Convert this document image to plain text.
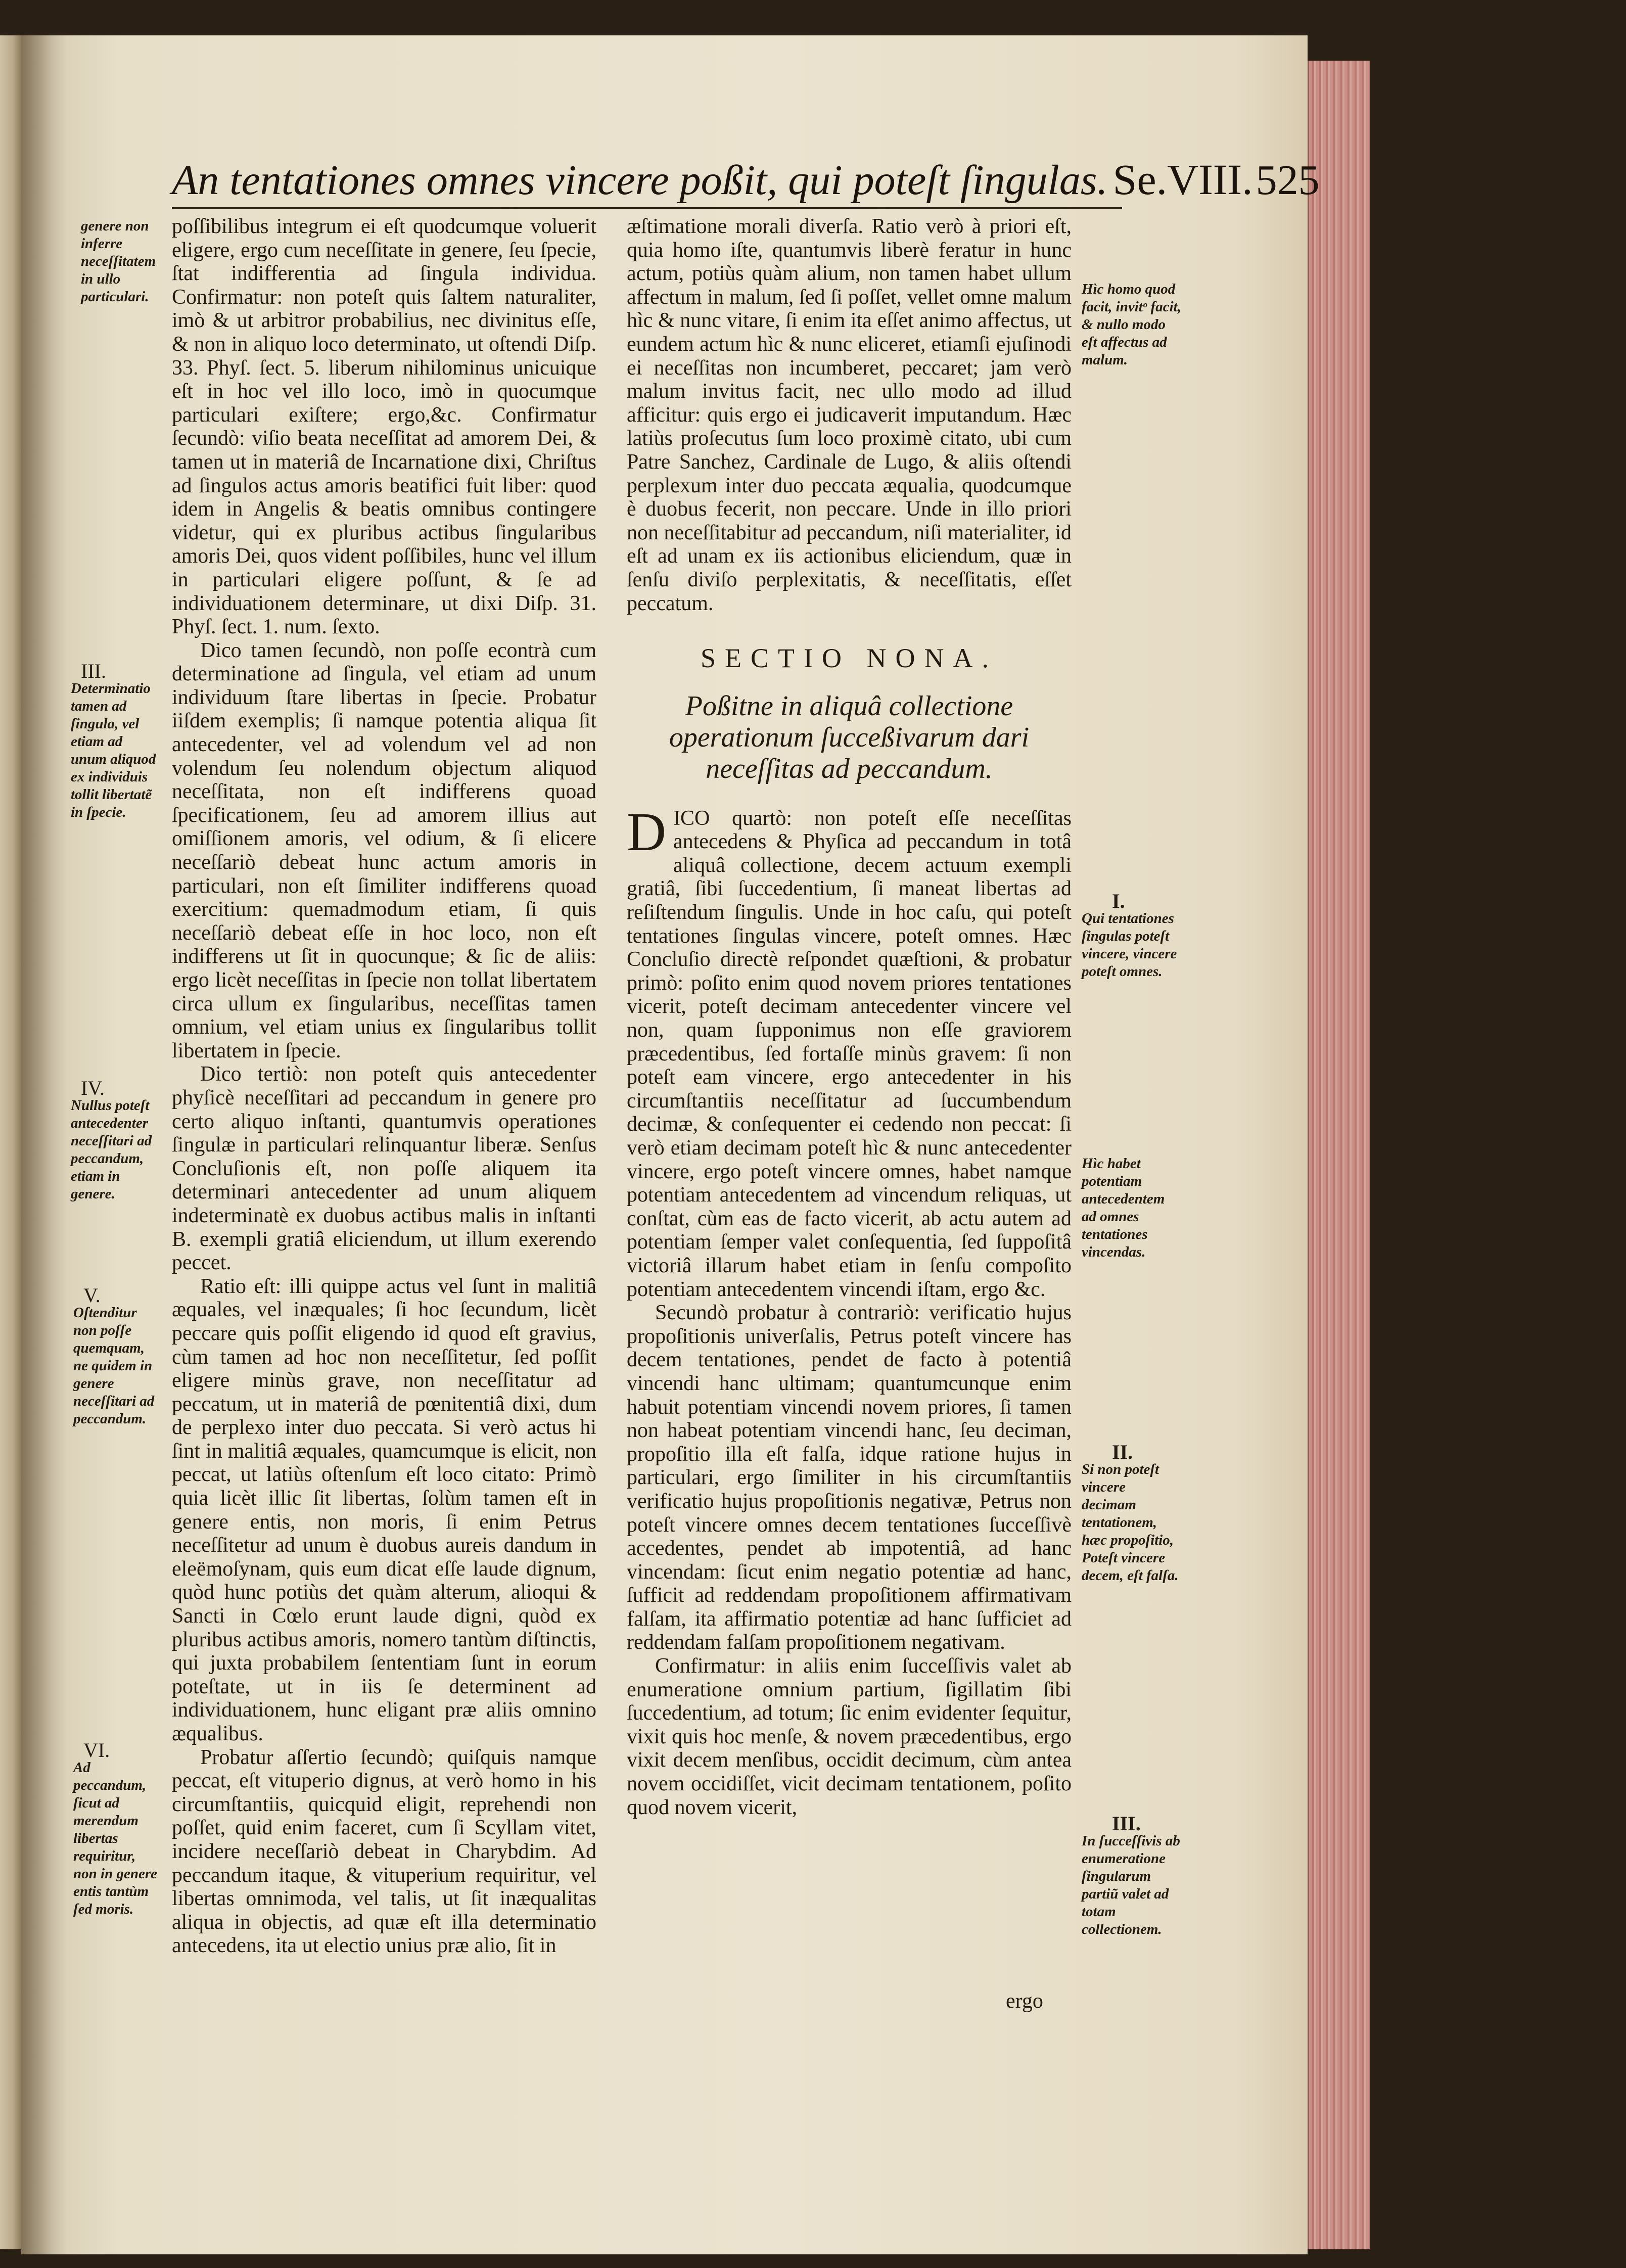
An tentationes omnes vincere poßit, qui poteſt ſingulas. Se.VIII.525

poſſibilibus integrum ei eſt quodcumque voluerit eligere, ergo cum neceſſitate in genere, ſeu ſpecie, ſtat indifferentia ad ſingula individua. Confirmatur: non poteſt quis ſaltem naturaliter, imò & ut arbitror probabilius, nec divinitus eſſe, & non in aliquo loco determinato, ut oſtendi Diſp. 33. Phyſ. ſect. 5. liberum nihilominus unicuique eſt in hoc vel illo loco, imò in quocumque particulari exiſtere; ergo,&c. Confirmatur ſecundò: viſio beata neceſſitat ad amorem Dei, & tamen ut in materiâ de Incarnatione dixi, Chriſtus ad ſingulos actus amoris beatifici fuit liber: quod idem in Angelis & beatis omnibus contingere videtur, qui ex pluribus actibus ſingularibus amoris Dei, quos vident poſſibiles, hunc vel illum in particulari eligere poſſunt, & ſe ad individuationem determinare, ut dixi Diſp. 31. Phyſ. ſect. 1. num. ſexto.

Dico tamen ſecundò, non poſſe econtrà cum determinatione ad ſingula, vel etiam ad unum individuum ſtare libertas in ſpecie. Probatur iiſdem exemplis; ſi namque potentia aliqua ſit antecedenter, vel ad volendum vel ad non volendum ſeu nolendum objectum aliquod neceſſitata, non eſt indifferens quoad ſpecificationem, ſeu ad amorem illius aut omiſſionem amoris, vel odium, & ſi elicere neceſſariò debeat hunc actum amoris in particulari, non eſt ſimiliter indifferens quoad exercitium: quemadmodum etiam, ſi quis neceſſariò debeat eſſe in hoc loco, non eſt indifferens ut ſit in quocunque; & ſic de aliis: ergo licèt neceſſitas in ſpecie non tollat libertatem circa ullum ex ſingularibus, neceſſitas tamen omnium, vel etiam unius ex ſingularibus tollit libertatem in ſpecie.

Dico tertiò: non poteſt quis antecedenter phyſicè neceſſitari ad peccandum in genere pro certo aliquo inſtanti, quantumvis operationes ſingulæ in particulari relinquantur liberæ. Senſus Concluſionis eſt, non poſſe aliquem ita determinari antecedenter ad unum aliquem indeterminatè ex duobus actibus malis in inſtanti B. exempli gratiâ eliciendum, ut illum exerendo peccet.

Ratio eſt: illi quippe actus vel ſunt in malitiâ æquales, vel inæquales; ſi hoc ſecundum, licèt peccare quis poſſit eligendo id quod eſt gravius, cùm tamen ad hoc non neceſſitetur, ſed poſſit eligere minùs grave, non neceſſitatur ad peccatum, ut in materiâ de pœnitentiâ dixi, dum de perplexo inter duo peccata. Si verò actus hi ſint in malitiâ æquales, quamcumque is elicit, non peccat, ut latiùs oſtenſum eſt loco citato: Primò quia licèt illic ſit libertas, ſolùm tamen eſt in genere entis, non moris, ſi enim Petrus neceſſitetur ad unum è duobus aureis dandum in eleëmoſynam, quis eum dicat eſſe laude dignum, quòd hunc potiùs det quàm alterum, alioqui & Sancti in Cœlo erunt laude digni, quòd ex pluribus actibus amoris, nomero tantùm diſtinctis, qui juxta probabilem ſententiam ſunt in eorum poteſtate, ut in iis ſe determinent ad individuationem, hunc eligant præ aliis omnino æqualibus.

Probatur aſſertio ſecundò; quiſquis namque peccat, eſt vituperio dignus, at verò homo in his circumſtantiis, quicquid eligit, reprehendi non poſſet, quid enim faceret, cum ſi Scyllam vitet, incidere neceſſariò debeat in Charybdim. Ad peccandum itaque, & vituperium requiritur, vel libertas omnimoda, vel talis, ut ſit inæqualitas aliqua in objectis, ad quæ eſt illa determinatio antecedens, ita ut electio unius præ alio, ſit in

æſtimatione morali diverſa. Ratio verò à priori eſt, quia homo iſte, quantumvis liberè feratur in hunc actum, potiùs quàm alium, non tamen habet ullum affectum in malum, ſed ſi poſſet, vellet omne malum hìc & nunc vitare, ſi enim ita eſſet animo affectus, ut eundem actum hìc & nunc eliceret, etiamſi ejuſinodi ei neceſſitas non incumberet, peccaret; jam verò malum invitus facit, nec ullo modo ad illud afficitur: quis ergo ei judicaverit imputandum. Hæc latiùs proſecutus ſum loco proximè citato, ubi cum Patre Sanchez, Cardinale de Lugo, & aliis oſtendi perplexum inter duo peccata æqualia, quodcumque è duobus fecerit, non peccare. Unde in illo priori non neceſſitabitur ad peccandum, niſi materialiter, id eſt ad unam ex iis actionibus eliciendum, quæ in ſenſu diviſo perplexitatis, & neceſſitatis, eſſet peccatum.

SECTIO NONA.
Poßitne in aliquâ collectione operationum ſucceßivarum dari neceſſitas ad peccandum.

DICO quartò: non poteſt eſſe neceſſitas antecedens & Phyſica ad peccandum in totâ aliquâ collectione, decem actuum exempli gratiâ, ſibi ſuccedentium, ſi maneat libertas ad reſiſtendum ſingulis. Unde in hoc caſu, qui poteſt tentationes ſingulas vincere, poteſt omnes. Hæc Concluſio directè reſpondet quæſtioni, & probatur primò: poſito enim quod novem priores tentationes vicerit, poteſt decimam antecedenter vincere vel non, quam ſupponimus non eſſe graviorem præcedentibus, ſed fortaſſe minùs gravem: ſi non poteſt eam vincere, ergo antecedenter in his circumſtantiis neceſſitatur ad ſuccumbendum decimæ, & conſequenter ei cedendo non peccat: ſi verò etiam decimam poteſt hìc & nunc antecedenter vincere, ergo poteſt vincere omnes, habet namque potentiam antecedentem ad vincendum reliquas, ut conſtat, cùm eas de facto vicerit, ab actu autem ad potentiam ſemper valet conſequentia, ſed ſuppoſitâ victoriâ illarum habet etiam in ſenſu compoſito potentiam antecedentem vincendi iſtam, ergo &c.

Secundò probatur à contrariò: verificatio hujus propoſitionis univerſalis, Petrus poteſt vincere has decem tentationes, pendet de facto à potentiâ vincendi hanc ultimam; quantumcunque enim habuit potentiam vincendi novem priores, ſi tamen non habeat potentiam vincendi hanc, ſeu deciman, propoſitio illa eſt falſa, idque ratione hujus in particulari, ergo ſimiliter in his circumſtantiis verificatio hujus propoſitionis negativæ, Petrus non poteſt vincere omnes decem tentationes ſucceſſivè accedentes, pendet ab impotentiâ, ad hanc vincendam: ſicut enim negatio potentiæ ad hanc, ſufficit ad reddendam propoſitionem affirmativam falſam, ita affirmatio potentiæ ad hanc ſufficiet ad reddendam falſam propoſitionem negativam.

Confirmatur: in aliis enim ſucceſſivis valet ab enumeratione omnium partium, ſigillatim ſibi ſuccedentium, ad totum; ſic enim evidenter ſequitur, vixit quis hoc menſe, & novem præcedentibus, ergo vixit decem menſibus, occidit decimum, cùm antea novem occidiſſet, vicit decimam tentationem, poſito quod novem vicerit,

ergo
genere non inferre neceſſitatem in ullo particulari.
III.
Determinatio tamen ad ſingula, vel etiam ad unum aliquod ex individuis tollit libertatẽ in ſpecie.
IV.
Nullus poteſt antecedenter neceſſitari ad peccandum, etiam in genere.
V.
Oſtenditur non poſſe quemquam, ne quidem in genere neceſſitari ad peccandum.
VI.
Ad peccandum, ſicut ad merendum libertas requiritur, non in genere entis tantùm ſed moris.
Hìc homo quod facit, invitᵒ facit, & nullo modo eſt affectus ad malum.
I.
Qui tentationes ſingulas poteſt vincere, vincere poteſt omnes.
Hìc habet potentiam antecedentem ad omnes tentationes vincendas.
II.
Si non poteſt vincere decimam tentationem, hæc propoſitio, Poteſt vincere decem, eſt falſa.
III.
In ſucceſſivis ab enumeratione ſingularum partiũ valet ad totam collectionem.
